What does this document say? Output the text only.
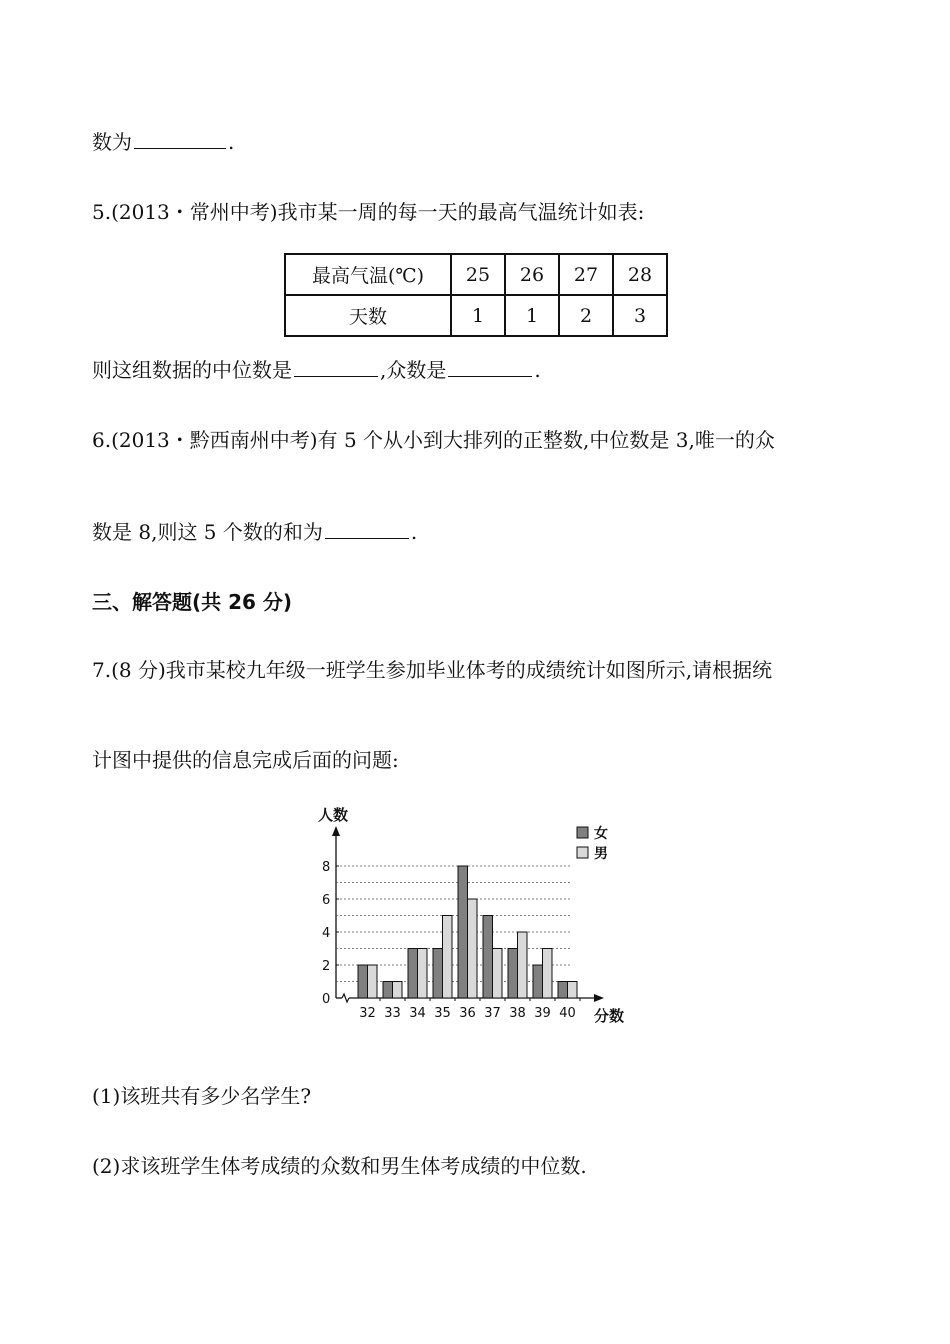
数为	.
5.(2013・常州中考)我市某一周的每一天的最高气温统计如表:
最高气温(℃)	25	26	27	28
天数	1	1	2	3
则这组数据的中位数是	,众数是	.
6.(2013・黔西南州中考)有 5 个从小到大排列的正整数,中位数是 3,唯一的众
数是 8,则这 5 个数的和为	.
三、解答题(共 26 分)
7.(8 分)我市某校九年级一班学生参加毕业体考的成绩统计如图所示,请根据统
计图中提供的信息完成后面的问题:
人数
分数
女
男
0
2
4
6
8
32 33 34 35 36 37 38 39 40
(1)该班共有多少名学生?
(2)求该班学生体考成绩的众数和男生体考成绩的中位数.
